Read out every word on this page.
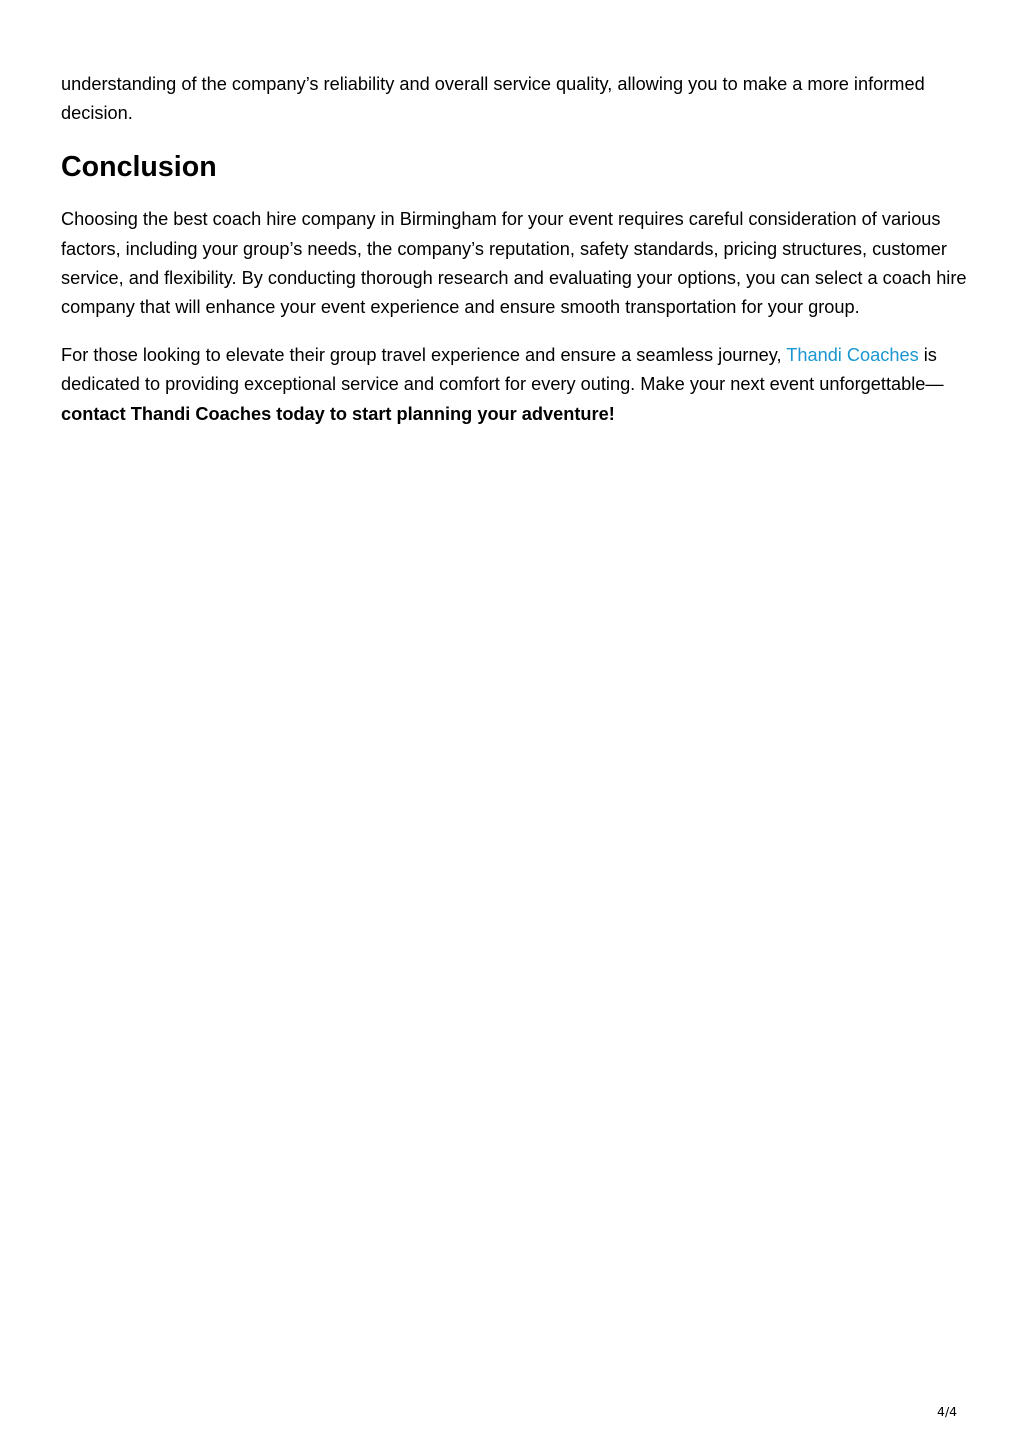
understanding of the company’s reliability and overall service quality, allowing you to make a more informed decision.

Conclusion

Choosing the best coach hire company in Birmingham for your event requires careful consideration of various factors, including your group’s needs, the company’s reputation, safety standards, pricing structures, customer service, and flexibility. By conducting thorough research and evaluating your options, you can select a coach hire company that will enhance your event experience and ensure smooth transportation for your group.

For those looking to elevate their group travel experience and ensure a seamless journey, Thandi Coaches is dedicated to providing exceptional service and comfort for every outing. Make your next event unforgettable—contact Thandi Coaches today to start planning your adventure!

4/4
